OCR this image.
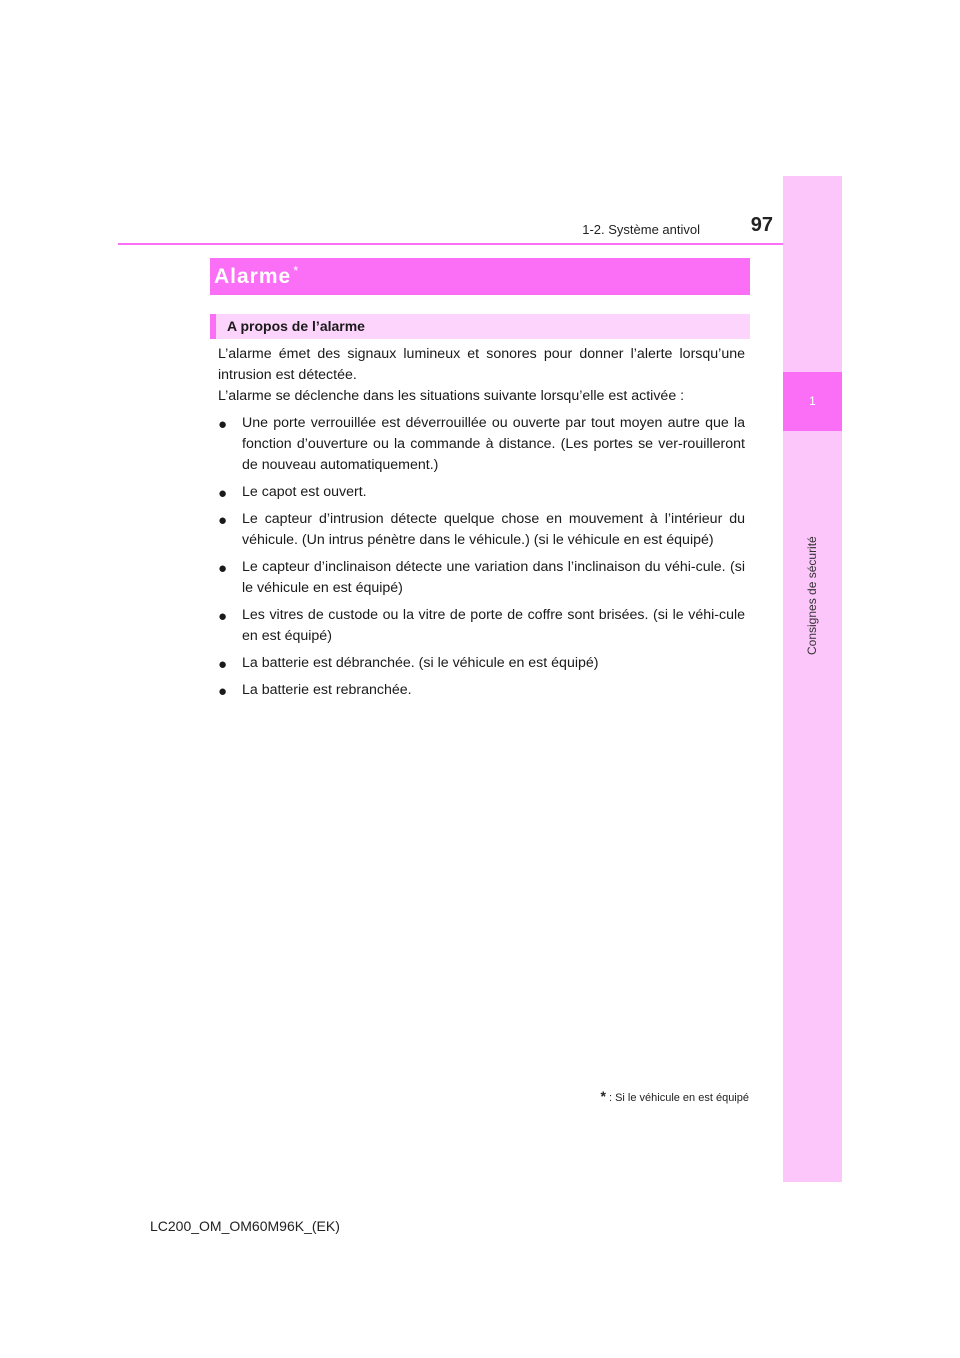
1-2. Système antivol	97
1
Consignes de sécurité
Alarme *
A propos de l’alarme

L’alarme émet des signaux lumineux et sonores pour donner l’alerte lorsqu’une intrusion est détectée.

L’alarme se déclenche dans les situations suivante lorsqu’elle est activée :

● Une porte verrouillée est déverrouillée ou ouverte par tout moyen autre que la fonction d’ouverture ou la commande à distance. (Les portes se ver-rouilleront de nouveau automatiquement.)
● Le capot est ouvert.
● Le capteur d’intrusion détecte quelque chose en mouvement à l’intérieur du véhicule. (Un intrus pénètre dans le véhicule.) (si le véhicule en est équipé)
● Le capteur d’inclinaison détecte une variation dans l’inclinaison du véhi-cule. (si le véhicule en est équipé)
● Les vitres de custode ou la vitre de porte de coffre sont brisées. (si le véhi-cule en est équipé)
● La batterie est débranchée. (si le véhicule en est équipé)
● La batterie est rebranchée.
* : Si le véhicule en est équipé
LC200_OM_OM60M96K_(EK)
